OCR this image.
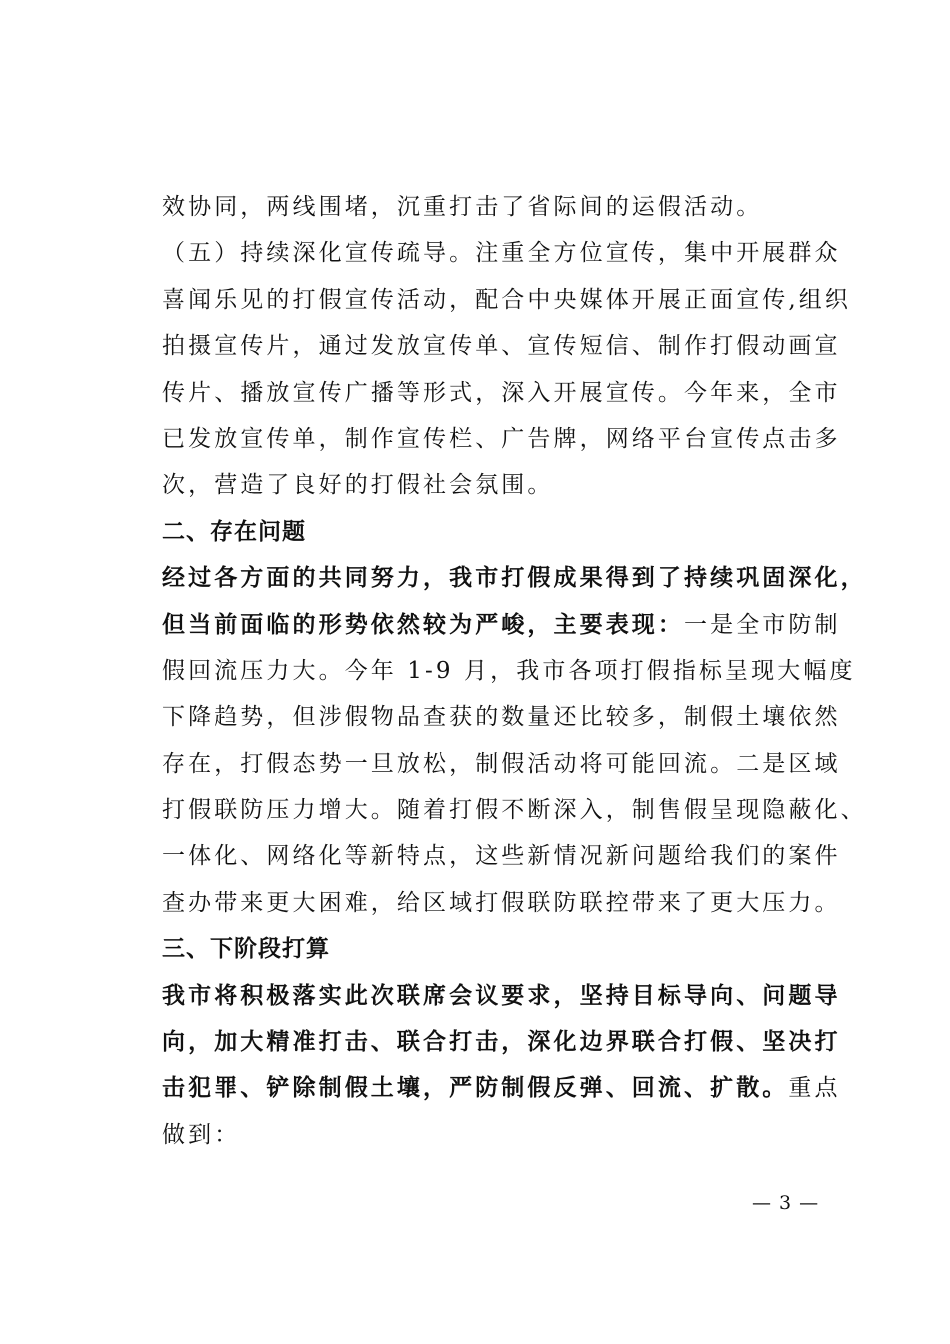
效协同，两线围堵，沉重打击了省际间的运假活动。
（五）持续深化宣传疏导。注重全方位宣传，集中开展群众
喜闻乐见的打假宣传活动，配合中央媒体开展正面宣传,组织
拍摄宣传片，通过发放宣传单、宣传短信、制作打假动画宣
传片、播放宣传广播等形式，深入开展宣传。今年来，全市
已发放宣传单，制作宣传栏、广告牌，网络平台宣传点击多
次，营造了良好的打假社会氛围。
二、存在问题
经过各方面的共同努力，我市打假成果得到了持续巩固深化，
但当前面临的形势依然较为严峻，主要表现：一是全市防制
假回流压力大。今年 1-9 月，我市各项打假指标呈现大幅度
下降趋势，但涉假物品查获的数量还比较多，制假土壤依然
存在，打假态势一旦放松，制假活动将可能回流。二是区域
打假联防压力增大。随着打假不断深入，制售假呈现隐蔽化、
一体化、网络化等新特点，这些新情况新问题给我们的案件
查办带来更大困难，给区域打假联防联控带来了更大压力。
三、下阶段打算
我市将积极落实此次联席会议要求，坚持目标导向、问题导
向，加大精准打击、联合打击，深化边界联合打假、坚决打
击犯罪、铲除制假土壤，严防制假反弹、回流、扩散。重点
做到：
— 3 —
